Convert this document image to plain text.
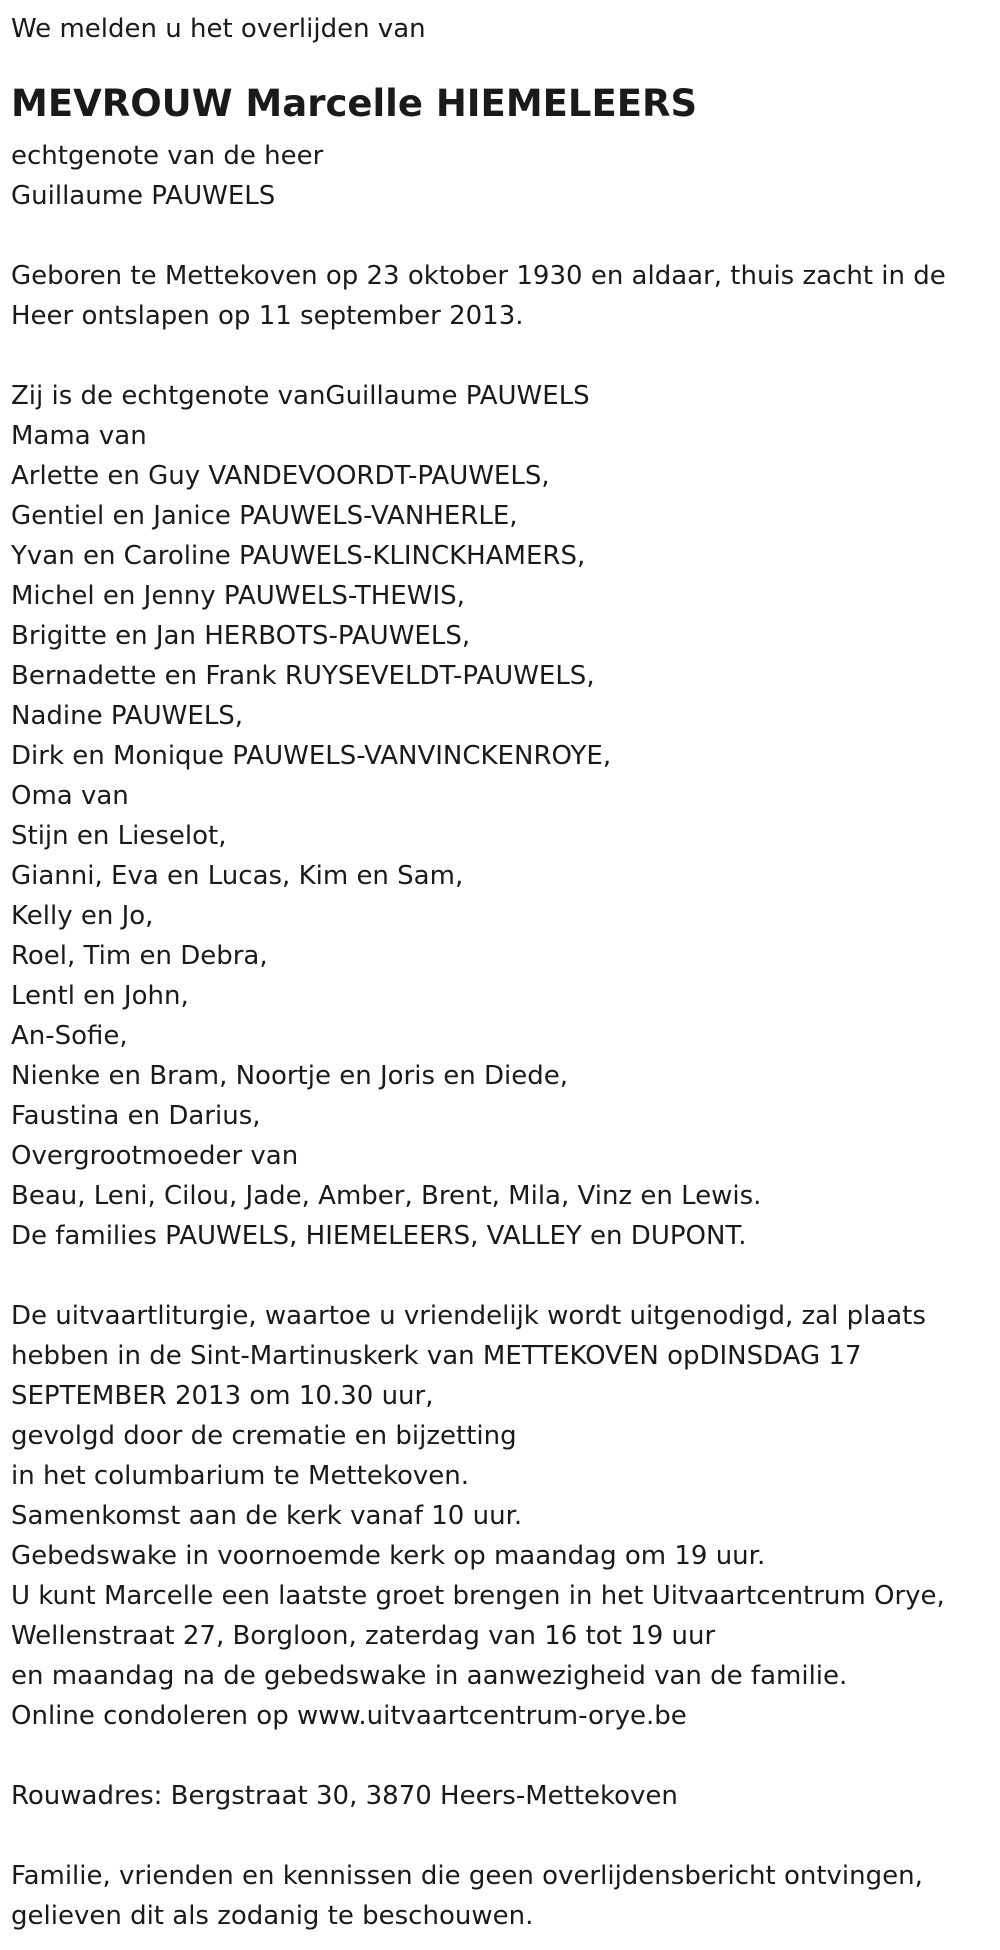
We melden u het overlijden van
MEVROUW Marcelle HIEMELEERS
echtgenote van de heer
Guillaume PAUWELS
Geboren te Mettekoven op 23 oktober 1930 en aldaar, thuis zacht in de
Heer ontslapen op 11 september 2013.
Zij is de echtgenote vanGuillaume PAUWELS
Mama van
Arlette en Guy VANDEVOORDT-PAUWELS,
Gentiel en Janice PAUWELS-VANHERLE,
Yvan en Caroline PAUWELS-KLINCKHAMERS,
Michel en Jenny PAUWELS-THEWIS,
Brigitte en Jan HERBOTS-PAUWELS,
Bernadette en Frank RUYSEVELDT-PAUWELS,
Nadine PAUWELS,
Dirk en Monique PAUWELS-VANVINCKENROYE,
Oma van
Stijn en Lieselot,
Gianni, Eva en Lucas, Kim en Sam,
Kelly en Jo,
Roel, Tim en Debra,
Lentl en John,
An-Sofie,
Nienke en Bram, Noortje en Joris en Diede,
Faustina en Darius,
Overgrootmoeder van
Beau, Leni, Cilou, Jade, Amber, Brent, Mila, Vinz en Lewis.
De families PAUWELS, HIEMELEERS, VALLEY en DUPONT.
De uitvaartliturgie, waartoe u vriendelijk wordt uitgenodigd, zal plaats
hebben in de Sint-Martinuskerk van METTEKOVEN opDINSDAG 17
SEPTEMBER 2013 om 10.30 uur,
gevolgd door de crematie en bijzetting
in het columbarium te Mettekoven.
Samenkomst aan de kerk vanaf 10 uur.
Gebedswake in voornoemde kerk op maandag om 19 uur.
U kunt Marcelle een laatste groet brengen in het Uitvaartcentrum Orye,
Wellenstraat 27, Borgloon, zaterdag van 16 tot 19 uur
en maandag na de gebedswake in aanwezigheid van de familie.
Online condoleren op www.uitvaartcentrum-orye.be
Rouwadres: Bergstraat 30, 3870 Heers-Mettekoven
Familie, vrienden en kennissen die geen overlijdensbericht ontvingen,
gelieven dit als zodanig te beschouwen.
